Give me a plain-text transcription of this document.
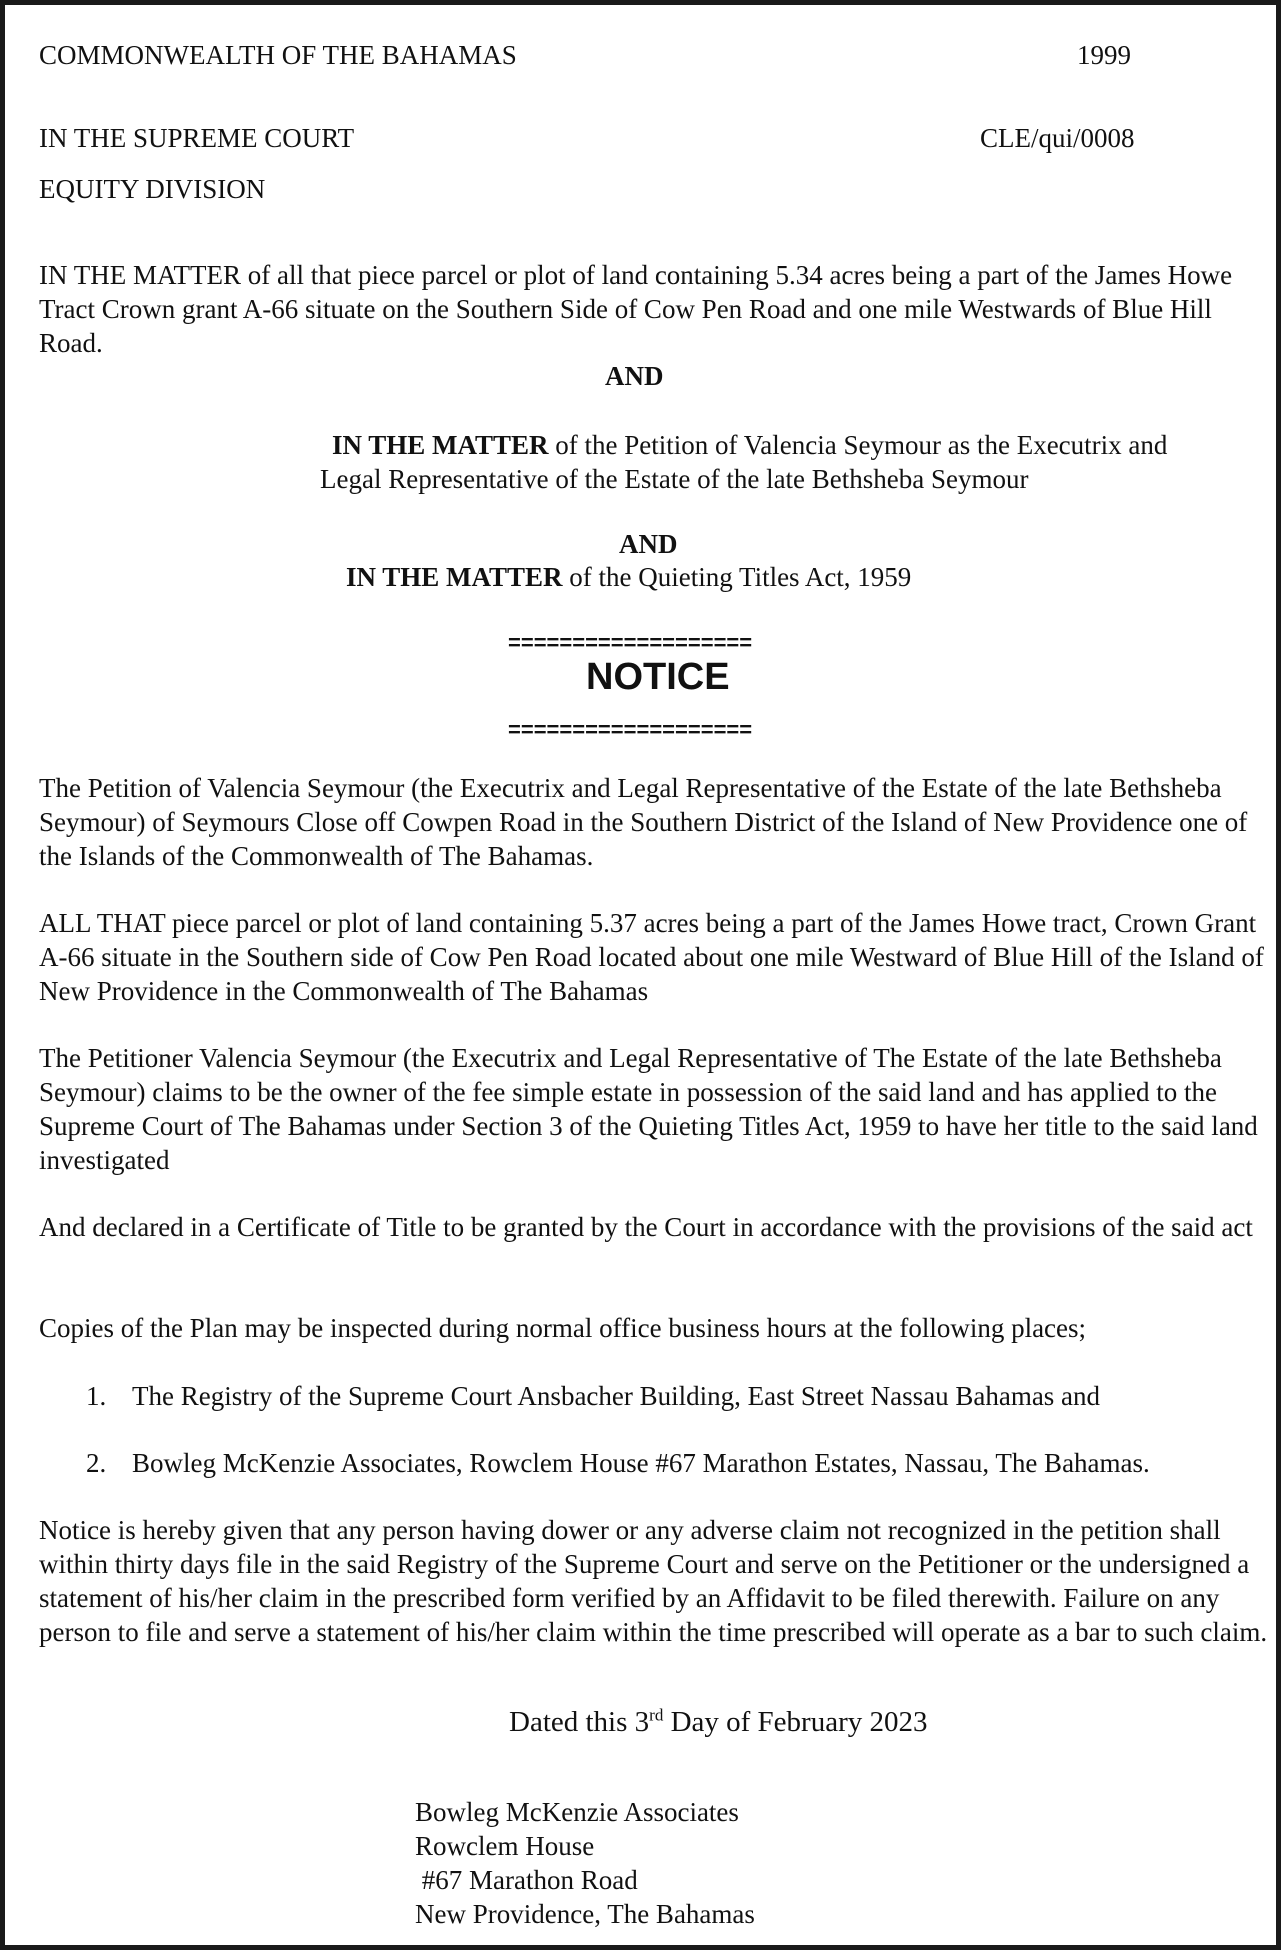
COMMONWEALTH OF THE BAHAMAS	1999
IN THE SUPREME COURT	CLE/qui/0008
EQUITY DIVISION
IN THE MATTER of all that piece parcel or plot of land containing 5.34 acres being a part of the James Howe Tract Crown grant A-66 situate on the Southern Side of Cow Pen Road and one mile Westwards of Blue Hill Road.
AND
IN THE MATTER of the Petition of Valencia Seymour as the Executrix and
Legal Representative of the Estate of the late Bethsheba Seymour
AND
IN THE MATTER of the Quieting Titles Act, 1959
===================
NOTICE
===================
The Petition of Valencia Seymour (the Executrix and Legal Representative of the Estate of the late Bethsheba Seymour) of Seymours Close off Cowpen Road in the Southern District of the Island of New Providence one of the Islands of the Commonwealth of The Bahamas.
ALL THAT piece parcel or plot of land containing 5.37 acres being a part of the James Howe tract, Crown Grant A-66 situate in the Southern side of Cow Pen Road located about one mile Westward of Blue Hill of the Island of New Providence in the Commonwealth of The Bahamas
The Petitioner Valencia Seymour (the Executrix and Legal Representative of The Estate of the late Bethsheba Seymour) claims to be the owner of the fee simple estate in possession of the said land and has applied to the Supreme Court of The Bahamas under Section 3 of the Quieting Titles Act, 1959 to have her title to the said land investigated
And declared in a Certificate of Title to be granted by the Court in accordance with the provisions of the said act
Copies of the Plan may be inspected during normal office business hours at the following places;
1. The Registry of the Supreme Court Ansbacher Building, East Street Nassau Bahamas and
2. Bowleg McKenzie Associates, Rowclem House #67 Marathon Estates, Nassau, The Bahamas.
Notice is hereby given that any person having dower or any adverse claim not recognized in the petition shall within thirty days file in the said Registry of the Supreme Court and serve on the Petitioner or the undersigned a statement of his/her claim in the prescribed form verified by an Affidavit to be filed therewith. Failure on any person to file and serve a statement of his/her claim within the time prescribed will operate as a bar to such claim.
Dated this 3rd Day of February 2023
Bowleg McKenzie Associates
Rowclem House
#67 Marathon Road
New Providence, The Bahamas
